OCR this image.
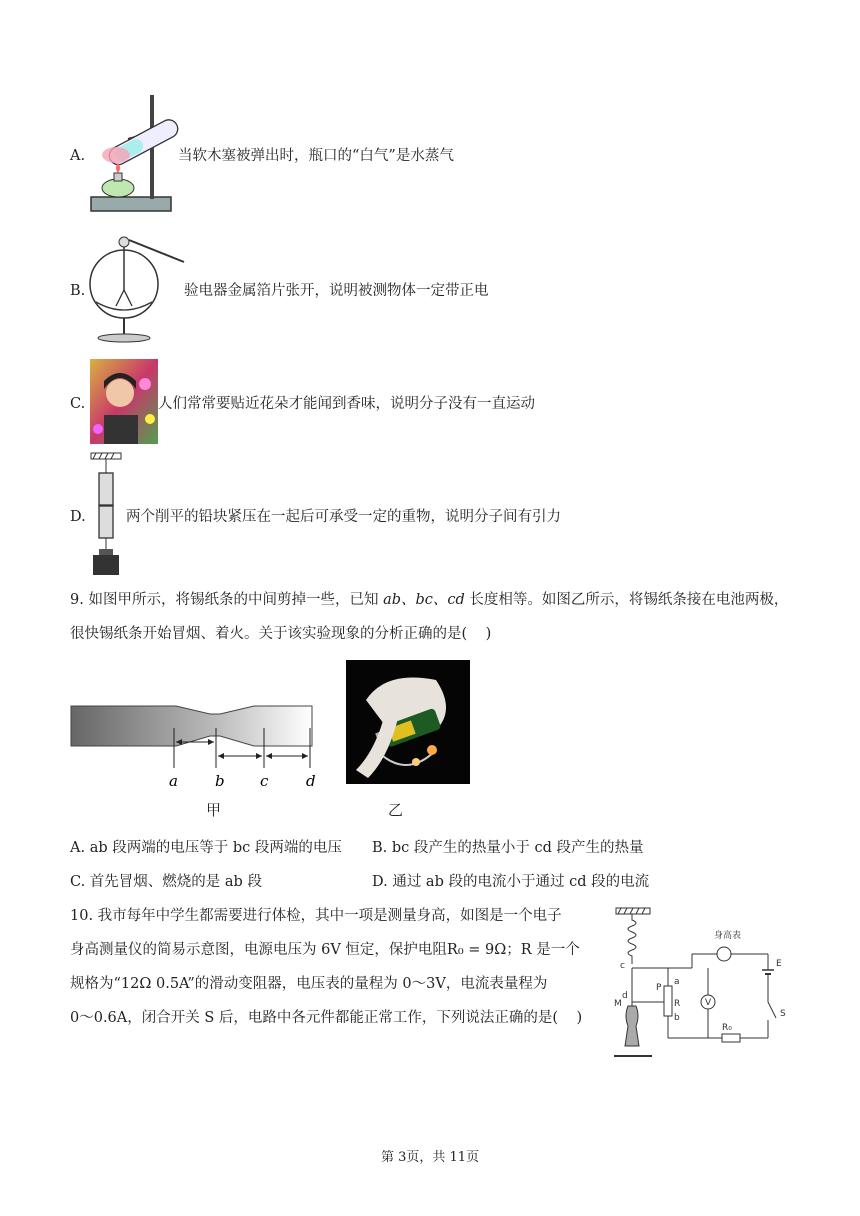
A.	当软木塞被弹出时，瓶口的“白气”是水蒸气
B.	验电器金属箔片张开，说明被测物体一定带正电
C.	人们常常要贴近花朵才能闻到香味，说明分子没有一直运动
D.	两个削平的铅块紧压在一起后可承受一定的重物，说明分子间有引力
9. 如图甲所示，将锡纸条的中间剪掉一些，已知 ab、bc、cd 长度相等。如图乙所示，将锡纸条接在电池两极，
很快锡纸条开始冒烟、着火。关于该实验现象的分析正确的是(    )
a b c	d
甲	乙
A. ab 段两端的电压等于 bc 段两端的电压 B. bc 段产生的热量小于 cd 段产生的热量
C. 首先冒烟、燃烧的是 ab 段	D. 通过 ab 段的电流小于通过 cd 段的电流
10. 我市每年中学生都需要进行体检，其中一项是测量身高，如图是一个电子
身高测量仪的简易示意图，电源电压为 6V 恒定，保护电阻R₀ = 9Ω；R 是一个
规格为“12Ω 0.5A”的滑动变阻器，电压表的量程为 0～3V，电流表量程为
0～0.6A，闭合开关 S 后，电路中各元件都能正常工作，下列说法正确的是(    )
身高表
E
S
R₀
a
R
b
P
V
c
d
M
第 3页，共 11页
